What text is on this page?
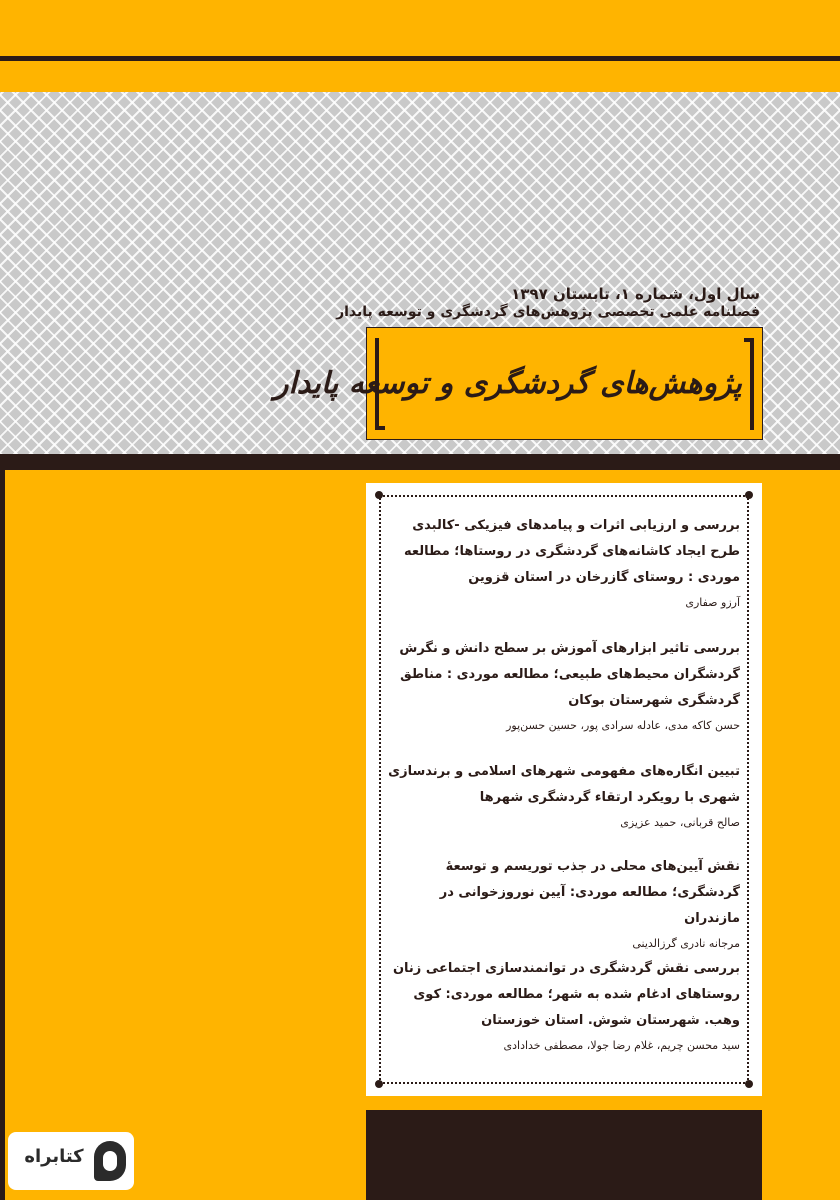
سال اول، شماره ۱، تابستان ۱۳۹۷
فصلنامه علمی تخصصی پژوهش‌های گردشگری و توسعه پایدار
پژوهش‌های گردشگری و توسعه پایدار
بررسی و ارزیابی اثرات و پیامدهای فیزیکی -کالبدی طرح ایجاد کاشانه‌های گردشگری در روستاها؛ مطالعه موردی : روستای گازرخان در استان قزوین
آرزو صفاری
بررسی تاثیر ابزارهای آموزش بر سطح دانش و نگرش گردشگران محیط‌های طبیعی؛ مطالعه موردی : مناطق گردشگری شهرستان بوکان
حسن کاکه مدی، عادله سرادی پور، حسین حسن‌پور
تبیین انگاره‌های مفهومی شهرهای اسلامی و برندسازی شهری با رویکرد ارتقاء گردشگری شهرها
صالح قربانی، حمید عزیزی
نقش آیین‌های محلی در جذب توریسم و توسعهٔ گردشگری؛ مطالعه موردی: آیین نوروزخوانی در مازندران
مرجانه نادری گرزالدینی
بررسی نقش گردشگری در توانمندسازی اجتماعی زنان روستاهای ادغام شده به شهر؛ مطالعه موردی: کوی وهب. شهرستان شوش. استان خوزستان
سید محسن چریم، غلام رضا جولا، مصطفی خدادادی
کتابراه
